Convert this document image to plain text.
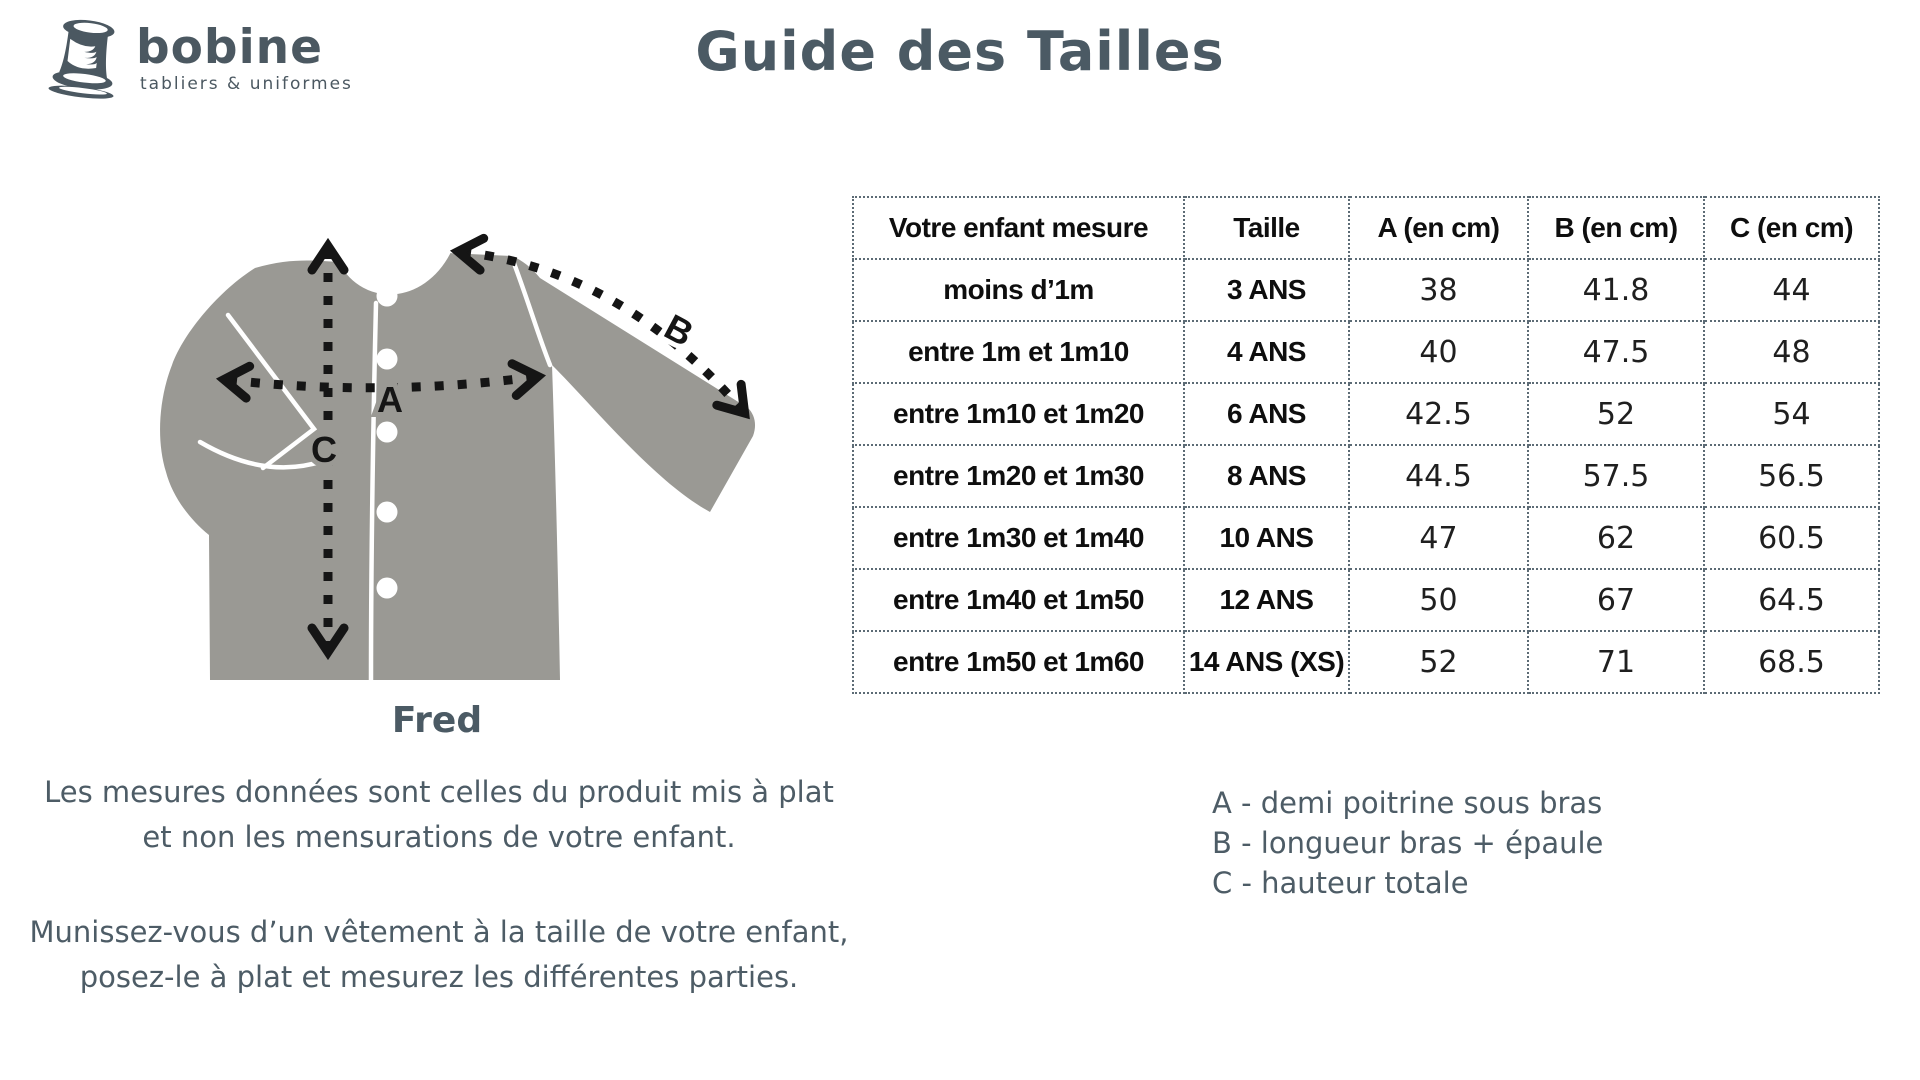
bobine
tabliers & uniformes
Guide des Tailles
A
B
C
Votre enfant mesure	Taille	A (en cm)	B (en cm)	C (en cm)
moins d’1m	3 ANS	38	41.8	44
entre 1m et 1m10	4 ANS	40	47.5	48
entre 1m10 et 1m20	6 ANS	42.5	52	54
entre 1m20 et 1m30	8 ANS	44.5	57.5	56.5
entre 1m30 et 1m40	10 ANS	47	62	60.5
entre 1m40 et 1m50	12 ANS	50	67	64.5
entre 1m50 et 1m60	14 ANS (XS)	52	71	68.5
Fred

Les mesures données sont celles du produit mis à plat et non les mensurations de votre enfant.

Munissez-vous d’un vêtement à la taille de votre enfant, posez-le à plat et mesurez les différentes parties.

A - demi poitrine sous bras
B - longueur bras + épaule
C - hauteur totale
